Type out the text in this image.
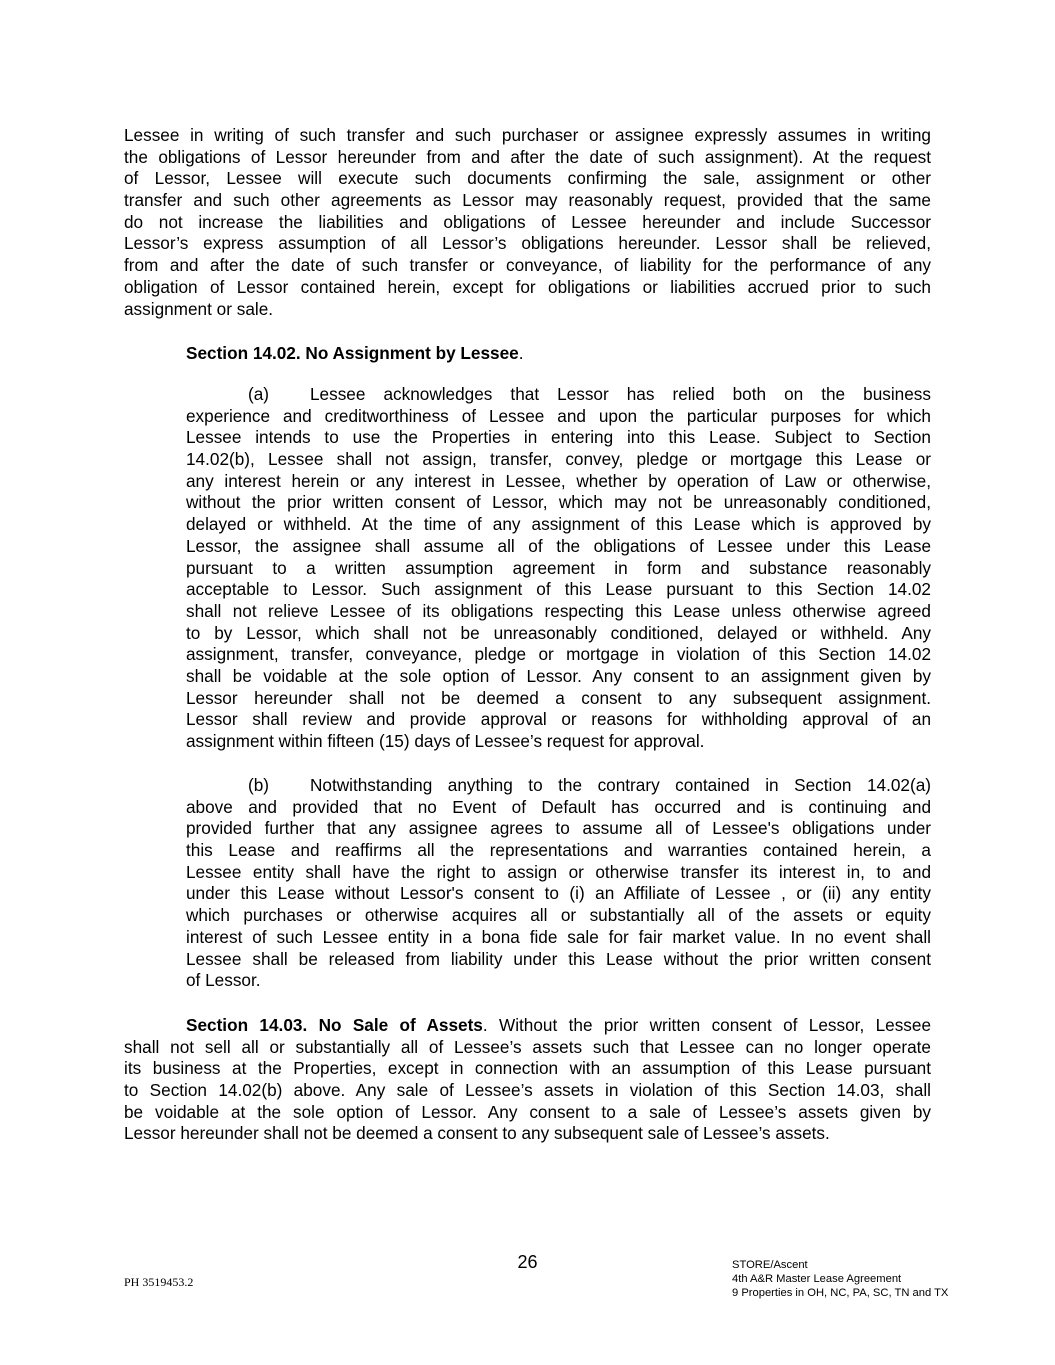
Lessee in writing of such transfer and such purchaser or assignee expressly assumes in writing
the obligations of Lessor hereunder from and after the date of such assignment). At the request
of Lessor, Lessee will execute such documents confirming the sale, assignment or other
transfer and such other agreements as Lessor may reasonably request, provided that the same
do not increase the liabilities and obligations of Lessee hereunder and include Successor
Lessor’s express assumption of all Lessor’s obligations hereunder. Lessor shall be relieved,
from and after the date of such transfer or conveyance, of liability for the performance of any
obligation of Lessor contained herein, except for obligations or liabilities accrued prior to such
assignment or sale.
Section 14.02. No Assignment by Lessee.
(a) Lessee acknowledges that Lessor has relied both on the business
experience and creditworthiness of Lessee and upon the particular purposes for which
Lessee intends to use the Properties in entering into this Lease. Subject to Section
14.02(b), Lessee shall not assign, transfer, convey, pledge or mortgage this Lease or
any interest herein or any interest in Lessee, whether by operation of Law or otherwise,
without the prior written consent of Lessor, which may not be unreasonably conditioned,
delayed or withheld. At the time of any assignment of this Lease which is approved by
Lessor, the assignee shall assume all of the obligations of Lessee under this Lease
pursuant to a written assumption agreement in form and substance reasonably
acceptable to Lessor. Such assignment of this Lease pursuant to this Section 14.02
shall not relieve Lessee of its obligations respecting this Lease unless otherwise agreed
to by Lessor, which shall not be unreasonably conditioned, delayed or withheld. Any
assignment, transfer, conveyance, pledge or mortgage in violation of this Section 14.02
shall be voidable at the sole option of Lessor. Any consent to an assignment given by
Lessor hereunder shall not be deemed a consent to any subsequent assignment.
Lessor shall review and provide approval or reasons for withholding approval of an
assignment within fifteen (15) days of Lessee’s request for approval.
(b) Notwithstanding anything to the contrary contained in Section 14.02(a)
above and provided that no Event of Default has occurred and is continuing and
provided further that any assignee agrees to assume all of Lessee's obligations under
this Lease and reaffirms all the representations and warranties contained herein, a
Lessee entity shall have the right to assign or otherwise transfer its interest in, to and
under this Lease without Lessor's consent to (i) an Affiliate of Lessee , or (ii) any entity
which purchases or otherwise acquires all or substantially all of the assets or equity
interest of such Lessee entity in a bona fide sale for fair market value. In no event shall
Lessee shall be released from liability under this Lease without the prior written consent
of Lessor.
Section 14.03. No Sale of Assets. Without the prior written consent of Lessor, Lessee
shall not sell all or substantially all of Lessee’s assets such that Lessee can no longer operate
its business at the Properties, except in connection with an assumption of this Lease pursuant
to Section 14.02(b) above. Any sale of Lessee’s assets in violation of this Section 14.03, shall
be voidable at the sole option of Lessor. Any consent to a sale of Lessee’s assets given by
Lessor hereunder shall not be deemed a consent to any subsequent sale of Lessee’s assets.
26
PH 3519453.2
STORE/Ascent
4th A&R Master Lease Agreement
9 Properties in OH, NC, PA, SC, TN and TX
